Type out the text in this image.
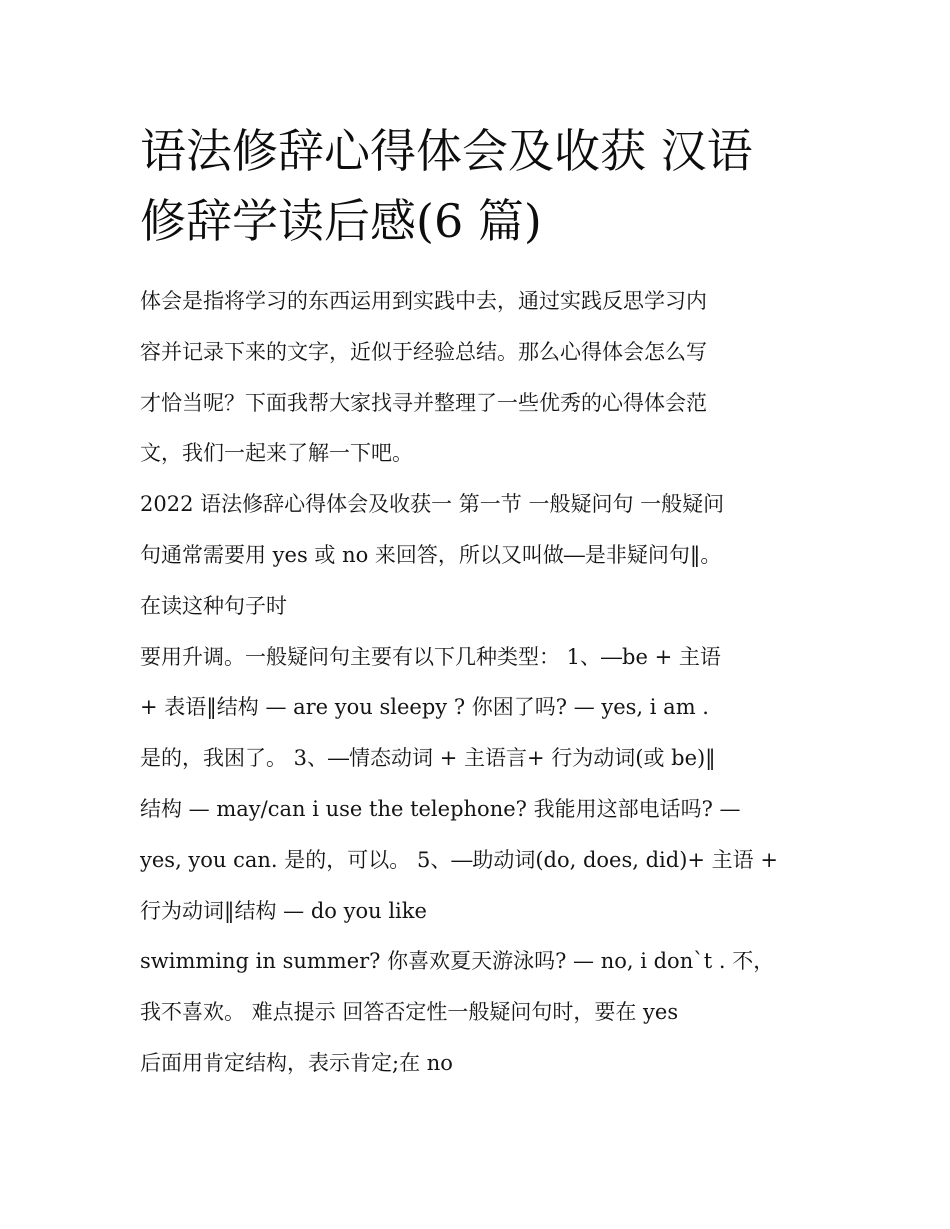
语法修辞心得体会及收获 汉语
修辞学读后感(6 篇)
体会是指将学习的东西运用到实践中去，通过实践反思学习内
容并记录下来的文字，近似于经验总结。那么心得体会怎么写
才恰当呢？下面我帮大家找寻并整理了一些优秀的心得体会范
文，我们一起来了解一下吧。
2022 语法修辞心得体会及收获一 第一节 一般疑问句 一般疑问
句通常需要用 yes 或 no 来回答，所以又叫做―是非疑问句‖。
在读这种句子时
要用升调。一般疑问句主要有以下几种类型： 1、―be + 主语
+ 表语‖结构 — are you sleepy ? 你困了吗? — yes, i am .
是的，我困了。 3、―情态动词 + 主语言+ 行为动词(或 be)‖
结构 — may/can i use the telephone? 我能用这部电话吗? —
yes, you can. 是的，可以。 5、―助动词(do, does, did)+ 主语 +
行为动词‖结构 — do you like
swimming in summer? 你喜欢夏天游泳吗? — no, i don`t . 不，
我不喜欢。 难点提示 回答否定性一般疑问句时，要在 yes
后面用肯定结构，表示肯定;在 no
